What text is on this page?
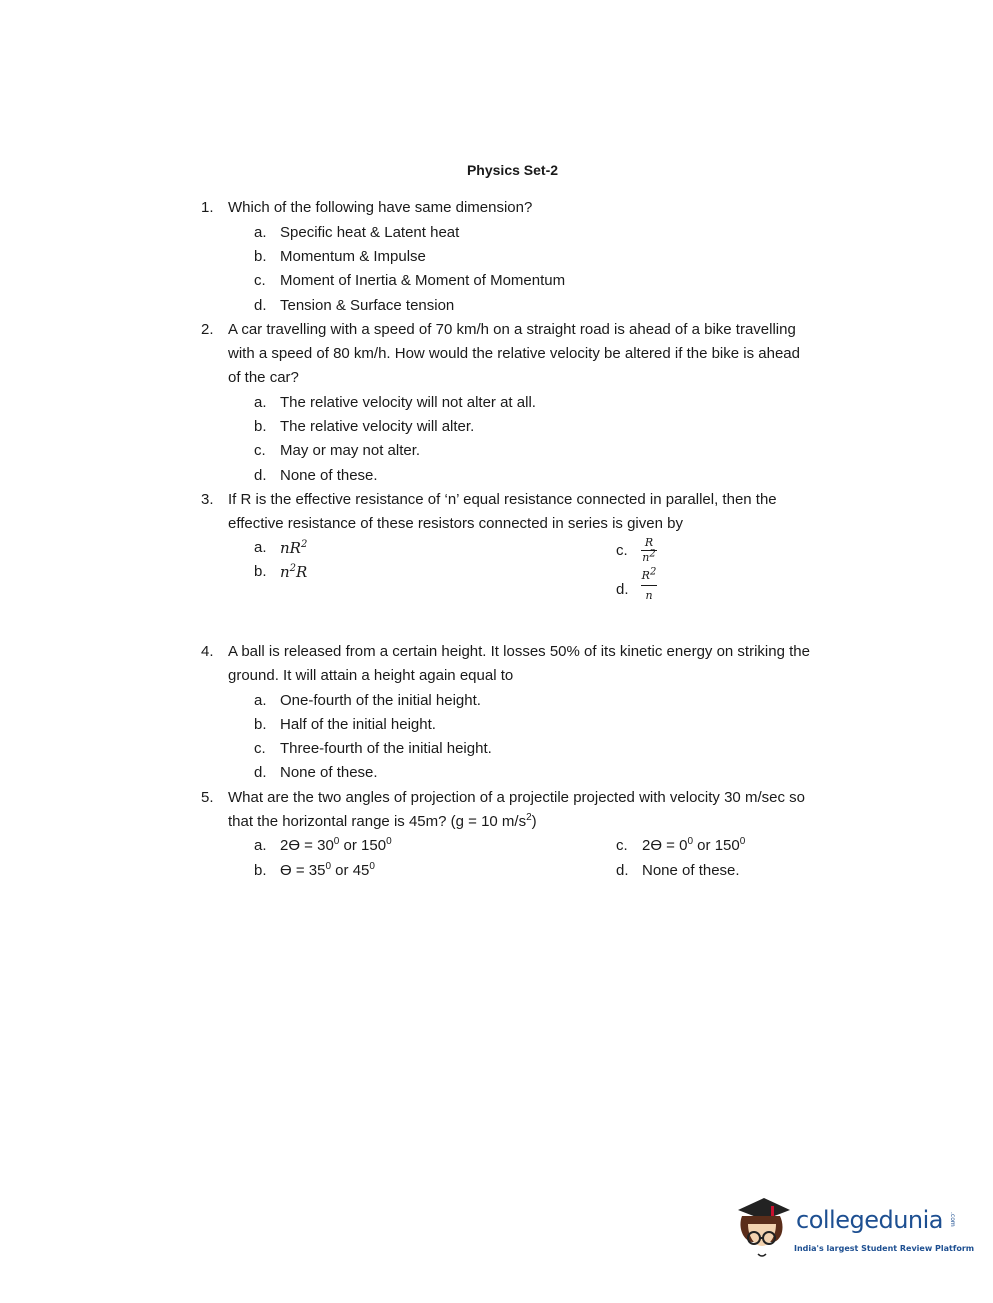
Physics Set-2
1. Which of the following have same dimension?
a. Specific heat & Latent heat
b. Momentum & Impulse
c. Moment of Inertia & Moment of Momentum
d. Tension & Surface tension
2. A car travelling with a speed of 70 km/h on a straight road is ahead of a bike travelling
with a speed of 80 km/h. How would the relative velocity be altered if the bike is ahead
of the car?
a. The relative velocity will not alter at all.
b. The relative velocity will alter.
c. May or may not alter.
d. None of these.
3. If R is the effective resistance of ‘n’ equal resistance connected in parallel, then the
effective resistance of these resistors connected in series is given by
a. $nR^2$
b. $n^2R$
c. R
$n^2$
d.
$R^2$
n
4. A ball is released from a certain height. It losses 50% of its kinetic energy on striking the
ground. It will attain a height again equal to
a. One-fourth of the initial height.
b. Half of the initial height.
c. Three-fourth of the initial height.
d. None of these.
5. What are the two angles of projection of a projectile projected with velocity 30 m/sec so
that the horizontal range is 45m? (g = 10 $m/s^2$)
a. $2ϴ = 30^0$ or $150^0$	c. $2ϴ = 0^0$ or $150^0$
b. $ϴ = 35^0$ or $45^0$	d. None of these.
collegedunia .com
India's largest Student Review Platform
